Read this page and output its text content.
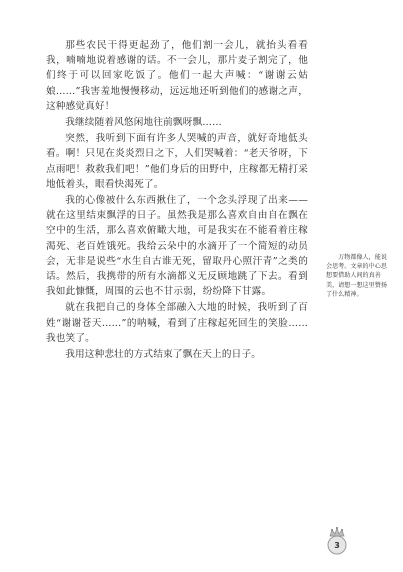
那些农民干得更起劲了，他们割一会儿，就抬头看看我，喃喃地说着感谢的话。不一会儿，那片麦子割完了，他们终于可以回家吃饭了。他们一起大声喊：“谢谢云姑娘……”我害羞地慢慢移动，远远地还听到他们的感谢之声，这种感觉真好！

我继续随着风悠闲地往前飘呀飘……

突然，我听到下面有许多人哭喊的声音，就好奇地低头看。啊！只见在炎炎烈日之下，人们哭喊着：“老天爷呀，下点雨吧！救救我们吧！”他们身后的田野中，庄稼都无精打采地低着头，眼看快渴死了。

我的心像被什么东西揪住了，一个念头浮现了出来——就在这里结束飘浮的日子。虽然我是那么喜欢自由自在飘在空中的生活，那么喜欢俯瞰大地，可是我实在不能看着庄稼渴死、老百姓饿死。我给云朵中的水滴开了一个简短的动员会，无非是说些“水生自古谁无死，留取丹心照汗青”之类的话。然后，我携带的所有水滴都义无反顾地跳了下去。看到我如此慷慨，周围的云也不甘示弱，纷纷降下甘露。

就在我把自己的身体全部融入大地的时候，我听到了百姓“谢谢苍天……”的呐喊，看到了庄稼起死回生的笑脸……我也笑了。

我用这种悲壮的方式结束了飘在天上的日子。

万物都像人，能说会思考。文章的中心思想要借助人间的真善美，请想一想这里赞扬了什么精神。
3
